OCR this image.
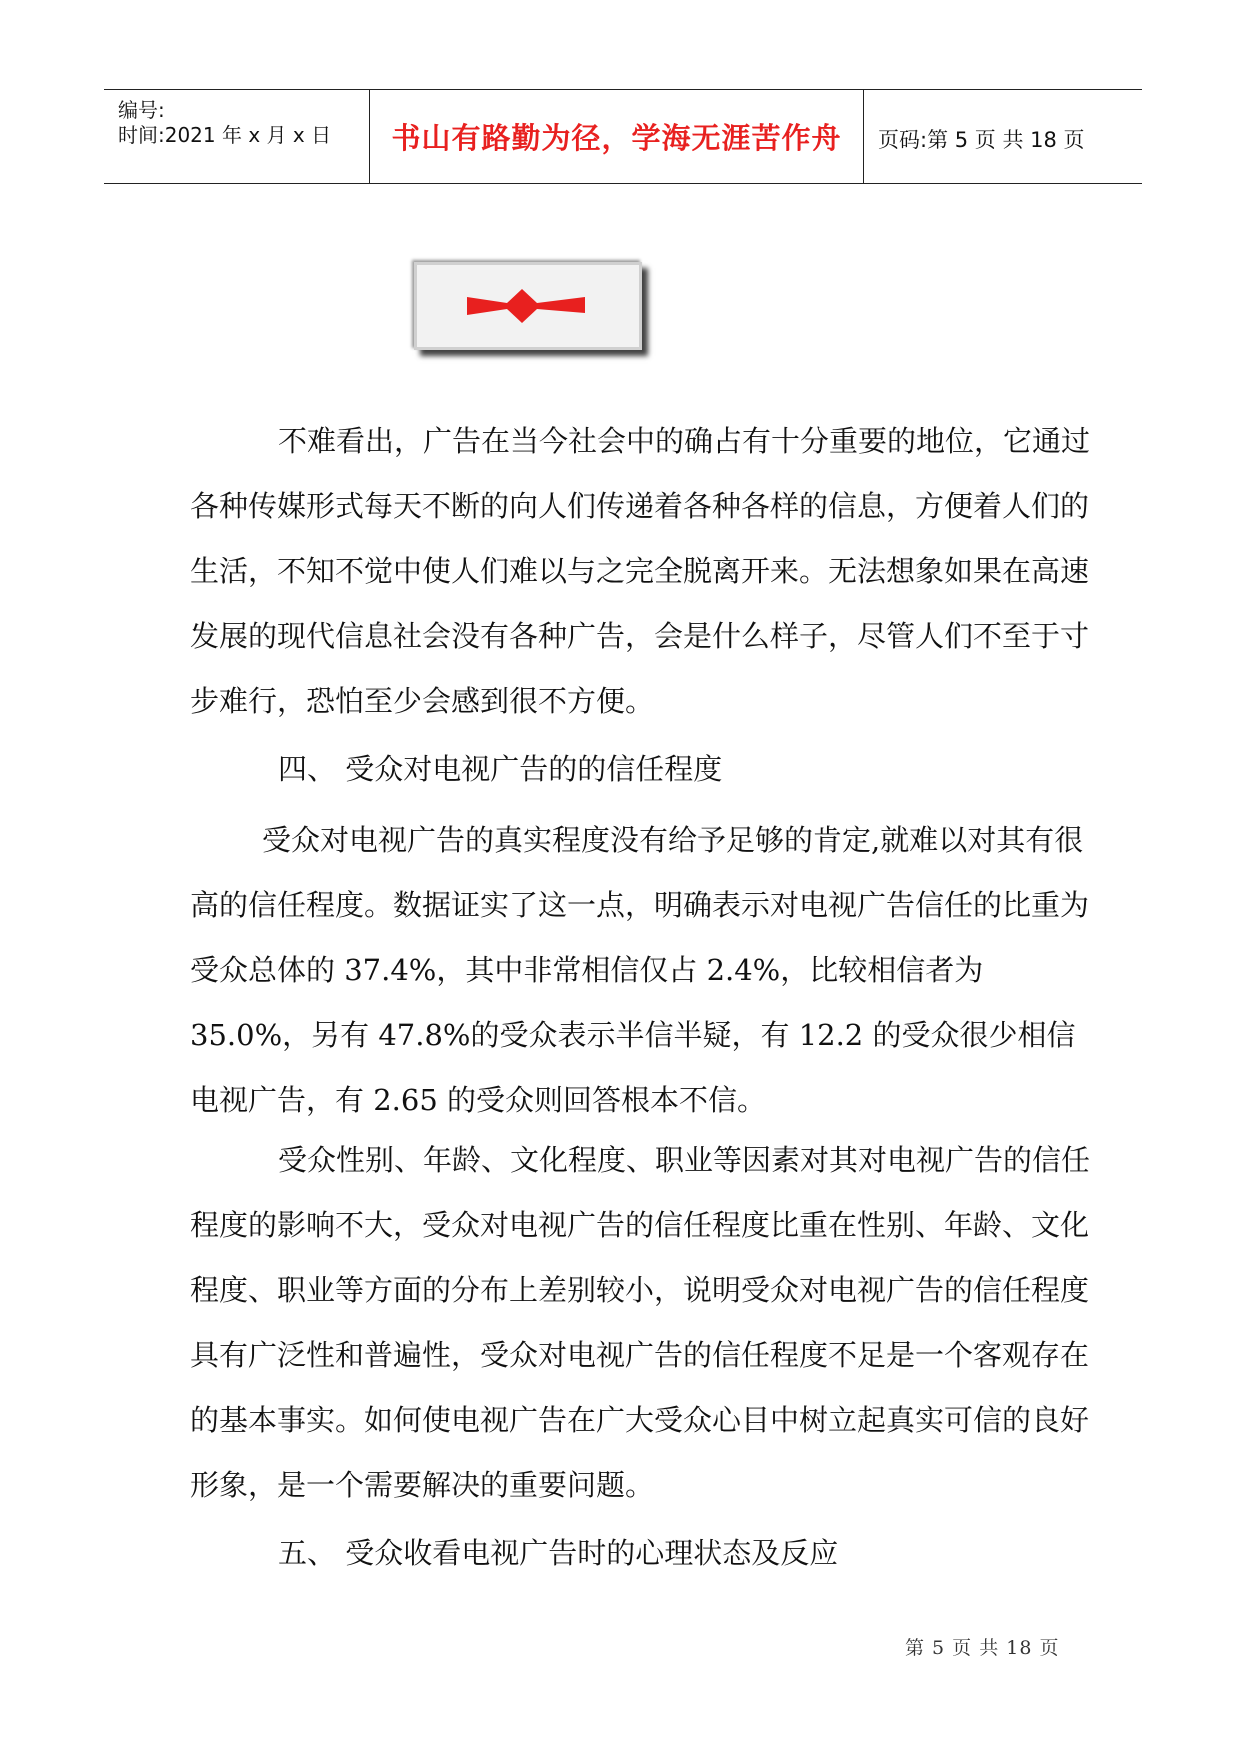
编号:
时间:2021 年 x 月 x 日	书山有路勤为径，学海无涯苦作舟	页码:第 5 页 共 18 页

不难看出，广告在当今社会中的确占有十分重要的地位，它通过各种传媒形式每天不断的向人们传递着各种各样的信息，方便着人们的生活，不知不觉中使人们难以与之完全脱离开来。无法想象如果在高速发展的现代信息社会没有各种广告，会是什么样子，尽管人们不至于寸步难行，恐怕至少会感到很不方便。

四、 受众对电视广告的的信任程度

受众对电视广告的真实程度没有给予足够的肯定,就难以对其有很高的信任程度。数据证实了这一点，明确表示对电视广告信任的比重为受众总体的 37.4%，其中非常相信仅占 2.4%，比较相信者为 35.0%，另有 47.8%的受众表示半信半疑，有 12.2 的受众很少相信电视广告，有 2.65 的受众则回答根本不信。

受众性别、年龄、文化程度、职业等因素对其对电视广告的信任程度的影响不大，受众对电视广告的信任程度比重在性别、年龄、文化程度、职业等方面的分布上差别较小，说明受众对电视广告的信任程度具有广泛性和普遍性，受众对电视广告的信任程度不足是一个客观存在的基本事实。如何使电视广告在广大受众心目中树立起真实可信的良好形象，是一个需要解决的重要问题。

五、 受众收看电视广告时的心理状态及反应
第 5 页 共 18 页
